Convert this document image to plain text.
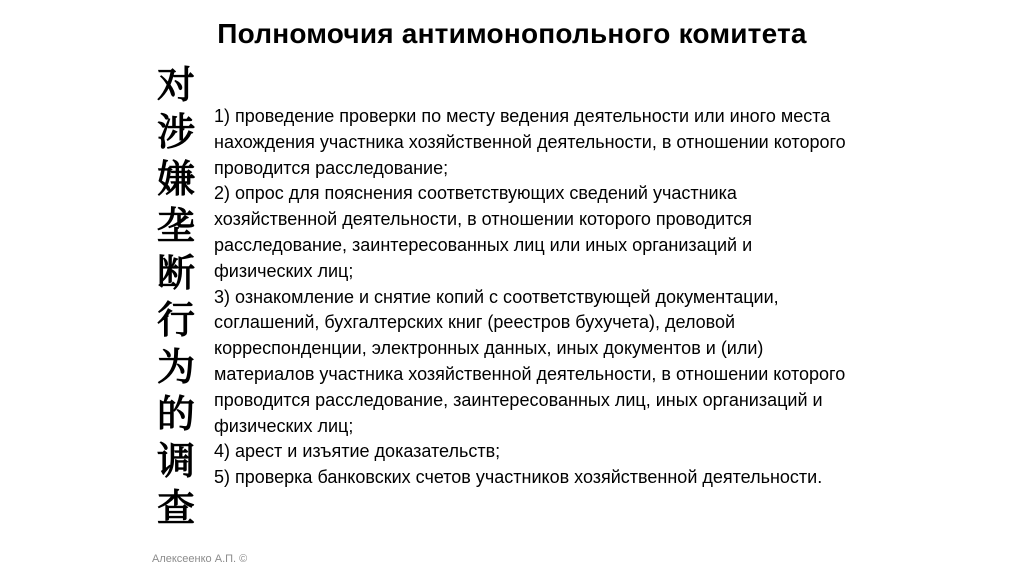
Полномочия антимонопольного комитета
对
涉
嫌
垄
断
行
为
的
调
查
1) проведение проверки по месту ведения деятельности или иного места нахождения участника хозяйственной деятельности, в отношении которого проводится расследование;
2) опрос для пояснения соответствующих сведений участника хозяйственной деятельности, в отношении которого проводится расследование, заинтересованных лиц или иных организаций и физических лиц;
3) ознакомление и снятие копий с соответствующей документации, соглашений, бухгалтерских книг (реестров бухучета), деловой корреспонденции, электронных данных, иных документов и (или) материалов участника хозяйственной деятельности, в отношении которого проводится расследование, заинтересованных лиц, иных организаций и физических лиц;
4) арест и изъятие доказательств;
5) проверка банковских счетов участников хозяйственной деятельности.
Алексеенко А.П. ©
